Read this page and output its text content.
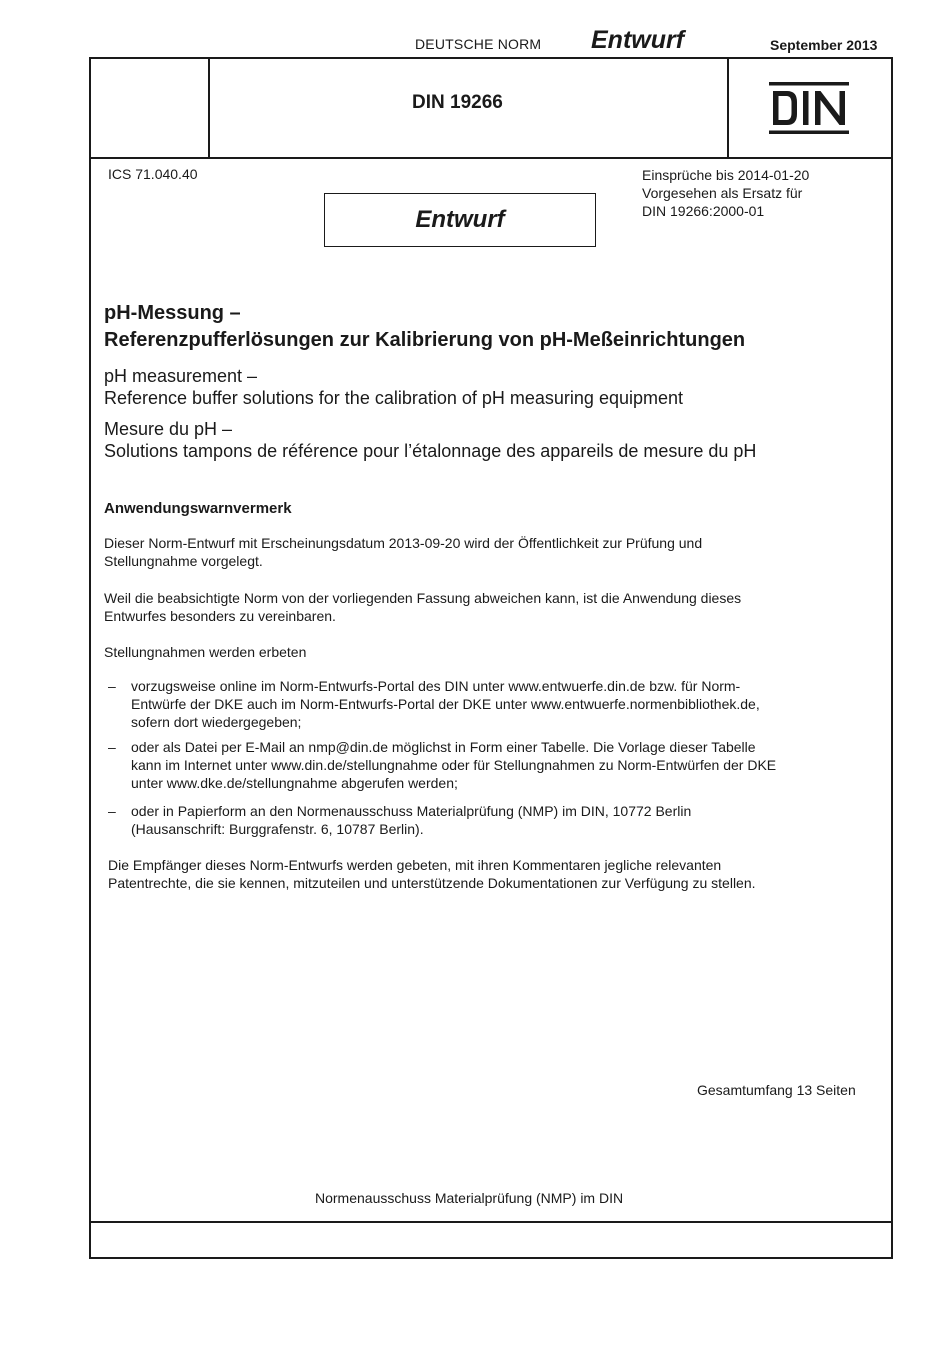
DEUTSCHE NORM Entwurf	September 2013
DIN 19266
ICS 71.040.40	Einsprüche bis 2014-01-20
Vorgesehen als Ersatz für
DIN 19266:2000-01
Entwurf
pH-Messung –
Referenzpufferlösungen zur Kalibrierung von pH-Meßeinrichtungen
pH measurement –
Reference buffer solutions for the calibration of pH measuring equipment
Mesure du pH –
Solutions tampons de référence pour l’étalonnage des appareils de mesure du pH
Anwendungswarnvermerk
Dieser Norm-Entwurf mit Erscheinungsdatum 2013-09-20 wird der Öffentlichkeit zur Prüfung und
Stellungnahme vorgelegt.
Weil die beabsichtigte Norm von der vorliegenden Fassung abweichen kann, ist die Anwendung dieses
Entwurfes besonders zu vereinbaren.
Stellungnahmen werden erbeten
– vorzugsweise online im Norm-Entwurfs-Portal des DIN unter www.entwuerfe.din.de bzw. für Norm-
Entwürfe der DKE auch im Norm-Entwurfs-Portal der DKE unter www.entwuerfe.normenbibliothek.de,
sofern dort wiedergegeben;
– oder als Datei per E-Mail an nmp@din.de möglichst in Form einer Tabelle. Die Vorlage dieser Tabelle
kann im Internet unter www.din.de/stellungnahme oder für Stellungnahmen zu Norm-Entwürfen der DKE
unter www.dke.de/stellungnahme abgerufen werden;
– oder in Papierform an den Normenausschuss Materialprüfung (NMP) im DIN, 10772 Berlin
(Hausanschrift: Burggrafenstr. 6, 10787 Berlin).
Die Empfänger dieses Norm-Entwurfs werden gebeten, mit ihren Kommentaren jegliche relevanten
Patentrechte, die sie kennen, mitzuteilen und unterstützende Dokumentationen zur Verfügung zu stellen.
Gesamtumfang 13 Seiten
Normenausschuss Materialprüfung (NMP) im DIN
